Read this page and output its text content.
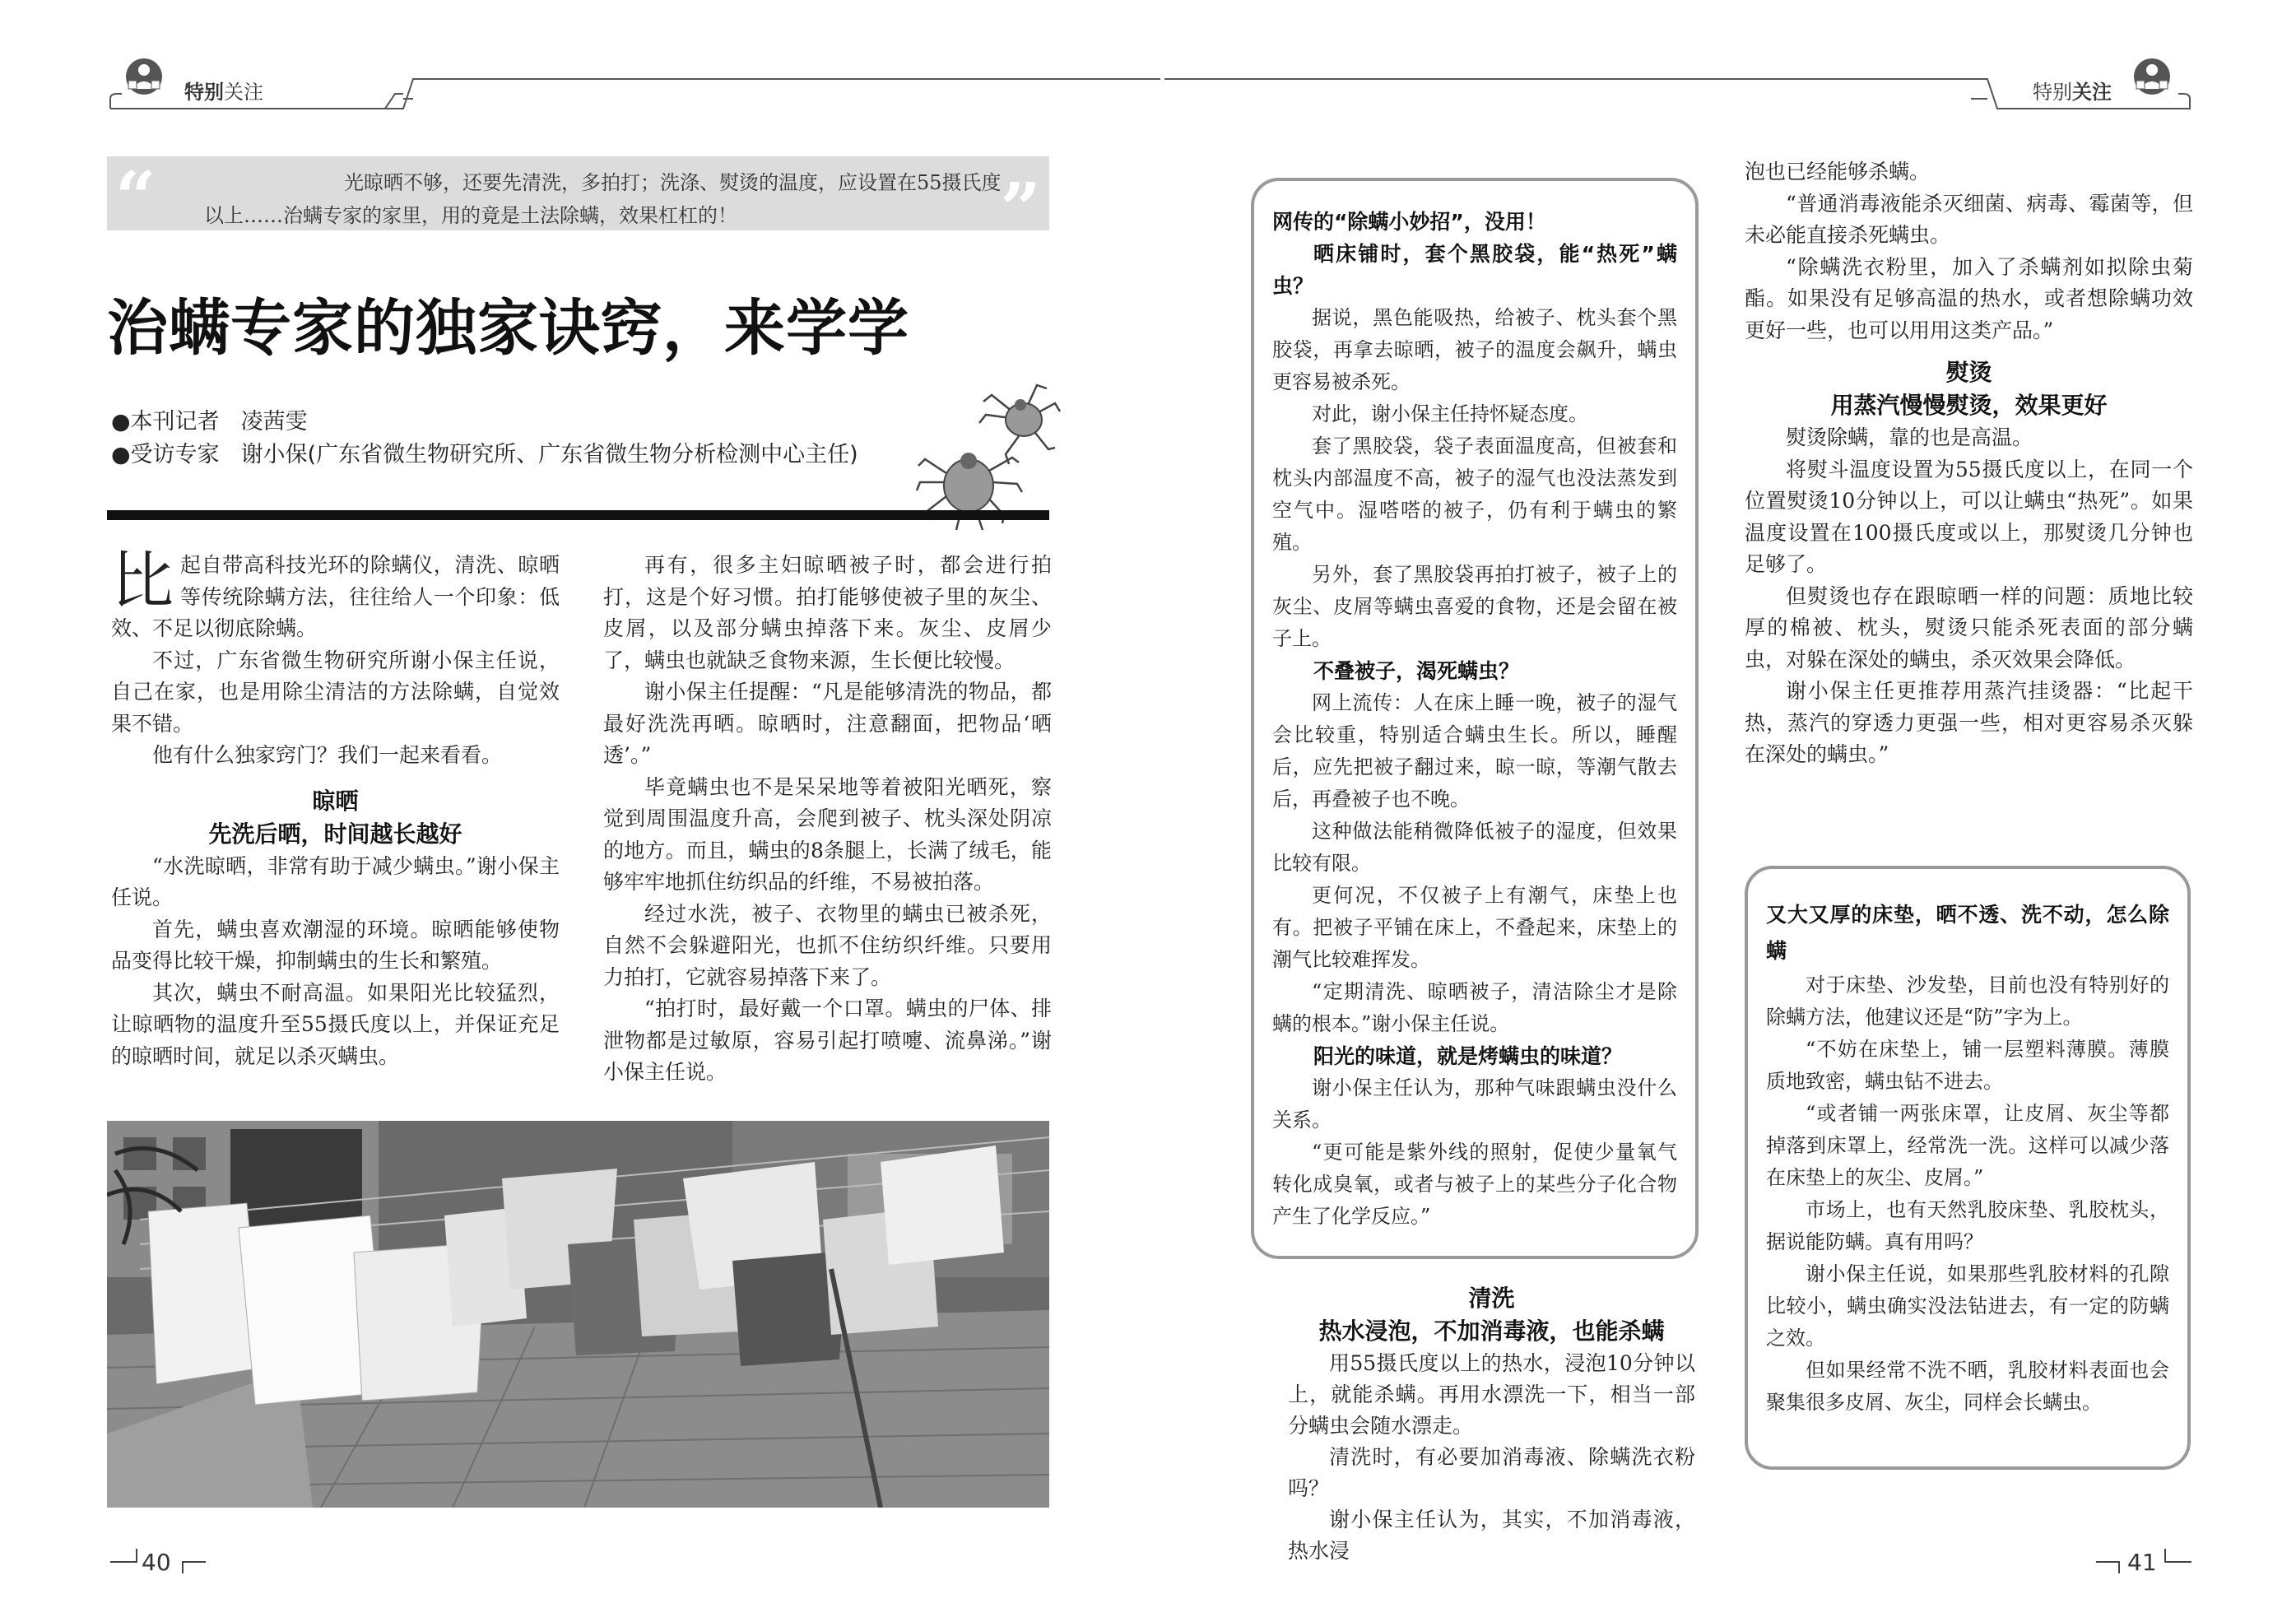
特别关注	特别关注
“	光晾晒不够，还要先清洗，多拍打；洗涤、熨烫的温度，应设置在55摄氏度以上……治螨专家的家里，用的竟是土法除螨，效果杠杠的！	”
治螨专家的独家诀窍，来学学
●本刊记者 凌茜雯
●受访专家 谢小保(广东省微生物研究所、广东省微生物分析检测中心主任)

比起自带高科技光环的除螨仪，清洗、晾晒等传统除螨方法，往往给人一个印象：低效、不足以彻底除螨。

不过，广东省微生物研究所谢小保主任说，自己在家，也是用除尘清洁的方法除螨，自觉效果不错。

他有什么独家窍门？我们一起来看看。

晾晒
先洗后晒，时间越长越好

“水洗晾晒，非常有助于减少螨虫。”谢小保主任说。

首先，螨虫喜欢潮湿的环境。晾晒能够使物品变得比较干燥，抑制螨虫的生长和繁殖。

其次，螨虫不耐高温。如果阳光比较猛烈，让晾晒物的温度升至55摄氏度以上，并保证充足的晾晒时间，就足以杀灭螨虫。

再有，很多主妇晾晒被子时，都会进行拍打，这是个好习惯。拍打能够使被子里的灰尘、皮屑，以及部分螨虫掉落下来。灰尘、皮屑少了，螨虫也就缺乏食物来源，生长便比较慢。

谢小保主任提醒：“凡是能够清洗的物品，都最好洗洗再晒。晾晒时，注意翻面，把物品‘晒透’。”

毕竟螨虫也不是呆呆地等着被阳光晒死，察觉到周围温度升高，会爬到被子、枕头深处阴凉的地方。而且，螨虫的8条腿上，长满了绒毛，能够牢牢地抓住纺织品的纤维，不易被拍落。

经过水洗，被子、衣物里的螨虫已被杀死，自然不会躲避阳光，也抓不住纺织纤维。只要用力拍打，它就容易掉落下来了。

“拍打时，最好戴一个口罩。螨虫的尸体、排泄物都是过敏原，容易引起打喷嚏、流鼻涕。”谢小保主任说。

网传的“除螨小妙招”，没用！

晒床铺时，套个黑胶袋，能“热死”螨虫？

据说，黑色能吸热，给被子、枕头套个黑胶袋，再拿去晾晒，被子的温度会飙升，螨虫更容易被杀死。

对此，谢小保主任持怀疑态度。

套了黑胶袋，袋子表面温度高，但被套和枕头内部温度不高，被子的湿气也没法蒸发到空气中。湿嗒嗒的被子，仍有利于螨虫的繁殖。

另外，套了黑胶袋再拍打被子，被子上的灰尘、皮屑等螨虫喜爱的食物，还是会留在被子上。

不叠被子，渴死螨虫？

网上流传：人在床上睡一晚，被子的湿气会比较重，特别适合螨虫生长。所以，睡醒后，应先把被子翻过来，晾一晾，等潮气散去后，再叠被子也不晚。

这种做法能稍微降低被子的湿度，但效果比较有限。

更何况，不仅被子上有潮气，床垫上也有。把被子平铺在床上，不叠起来，床垫上的潮气比较难挥发。

“定期清洗、晾晒被子，清洁除尘才是除螨的根本。”谢小保主任说。

阳光的味道，就是烤螨虫的味道？

谢小保主任认为，那种气味跟螨虫没什么关系。

“更可能是紫外线的照射，促使少量氧气转化成臭氧，或者与被子上的某些分子化合物产生了化学反应。”

清洗
热水浸泡，不加消毒液，也能杀螨

用55摄氏度以上的热水，浸泡10分钟以上，就能杀螨。再用水漂洗一下，相当一部分螨虫会随水漂走。

清洗时，有必要加消毒液、除螨洗衣粉吗？

谢小保主任认为，其实，不加消毒液，热水浸

泡也已经能够杀螨。

“普通消毒液能杀灭细菌、病毒、霉菌等，但未必能直接杀死螨虫。

“除螨洗衣粉里，加入了杀螨剂如拟除虫菊酯。如果没有足够高温的热水，或者想除螨功效更好一些，也可以用用这类产品。”

熨烫
用蒸汽慢慢熨烫，效果更好

熨烫除螨，靠的也是高温。

将熨斗温度设置为55摄氏度以上，在同一个位置熨烫10分钟以上，可以让螨虫“热死”。如果温度设置在100摄氏度或以上，那熨烫几分钟也足够了。

但熨烫也存在跟晾晒一样的问题：质地比较厚的棉被、枕头，熨烫只能杀死表面的部分螨虫，对躲在深处的螨虫，杀灭效果会降低。

谢小保主任更推荐用蒸汽挂烫器：“比起干热，蒸汽的穿透力更强一些，相对更容易杀灭躲在深处的螨虫。”

又大又厚的床垫，晒不透、洗不动，怎么除螨

对于床垫、沙发垫，目前也没有特别好的除螨方法，他建议还是“防”字为上。

“不妨在床垫上，铺一层塑料薄膜。薄膜质地致密，螨虫钻不进去。

“或者铺一两张床罩，让皮屑、灰尘等都掉落到床罩上，经常洗一洗。这样可以减少落在床垫上的灰尘、皮屑。”

市场上，也有天然乳胶床垫、乳胶枕头，据说能防螨。真有用吗？

谢小保主任说，如果那些乳胶材料的孔隙比较小，螨虫确实没法钻进去，有一定的防螨之效。

但如果经常不洗不晒，乳胶材料表面也会聚集很多皮屑、灰尘，同样会长螨虫。

40	41
